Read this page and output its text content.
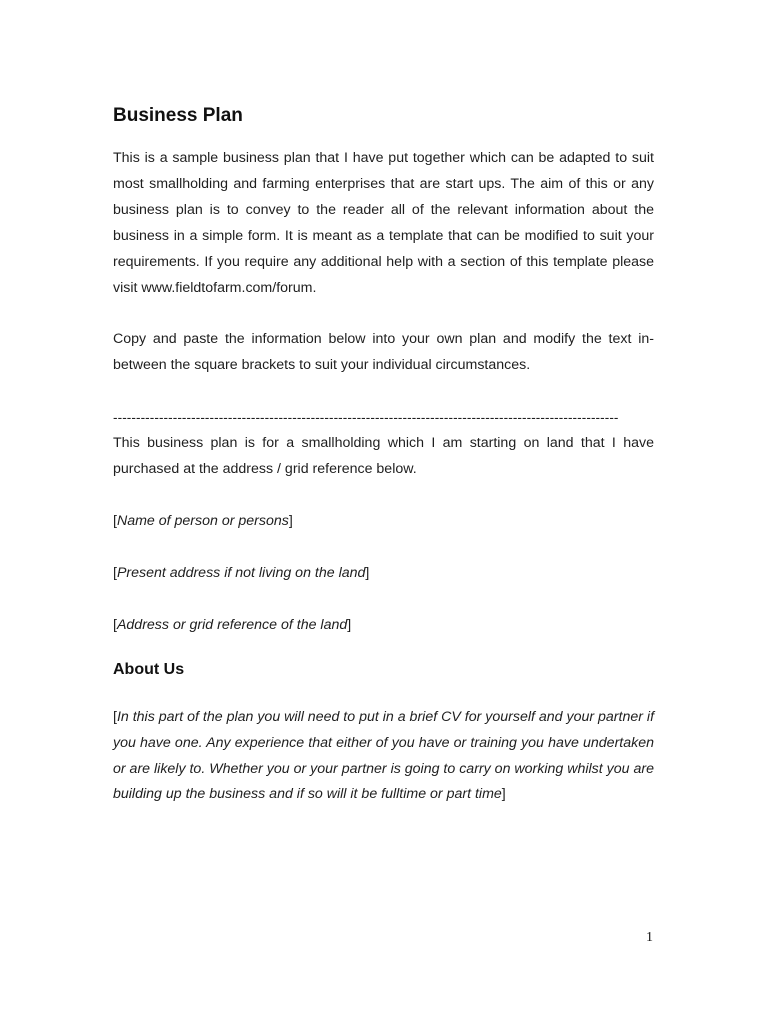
Business Plan

This is a sample business plan that I have put together which can be adapted to suit most smallholding and farming enterprises that are start ups. The aim of this or any business plan is to convey to the reader all of the relevant information about the business in a simple form. It is meant as a template that can be modified to suit your requirements. If you require any additional help with a section of this template please visit www.fieldtofarm.com/forum.

Copy and paste the information below into your own plan and modify the text in-between the square brackets to suit your individual circumstances.

--------------------------------------------------------------------------------------------------------------

This business plan is for a smallholding which I am starting on land that I have purchased at the address / grid reference below.

[Name of person or persons]
[Present address if not living on the land]
[Address or grid reference of the land]
About Us

[In this part of the plan you will need to put in a brief CV for yourself and your partner if you have one. Any experience that either of you have or training you have undertaken or are likely to. Whether you or your partner is going to carry on working whilst you are building up the business and if so will it be fulltime or part time]

1
